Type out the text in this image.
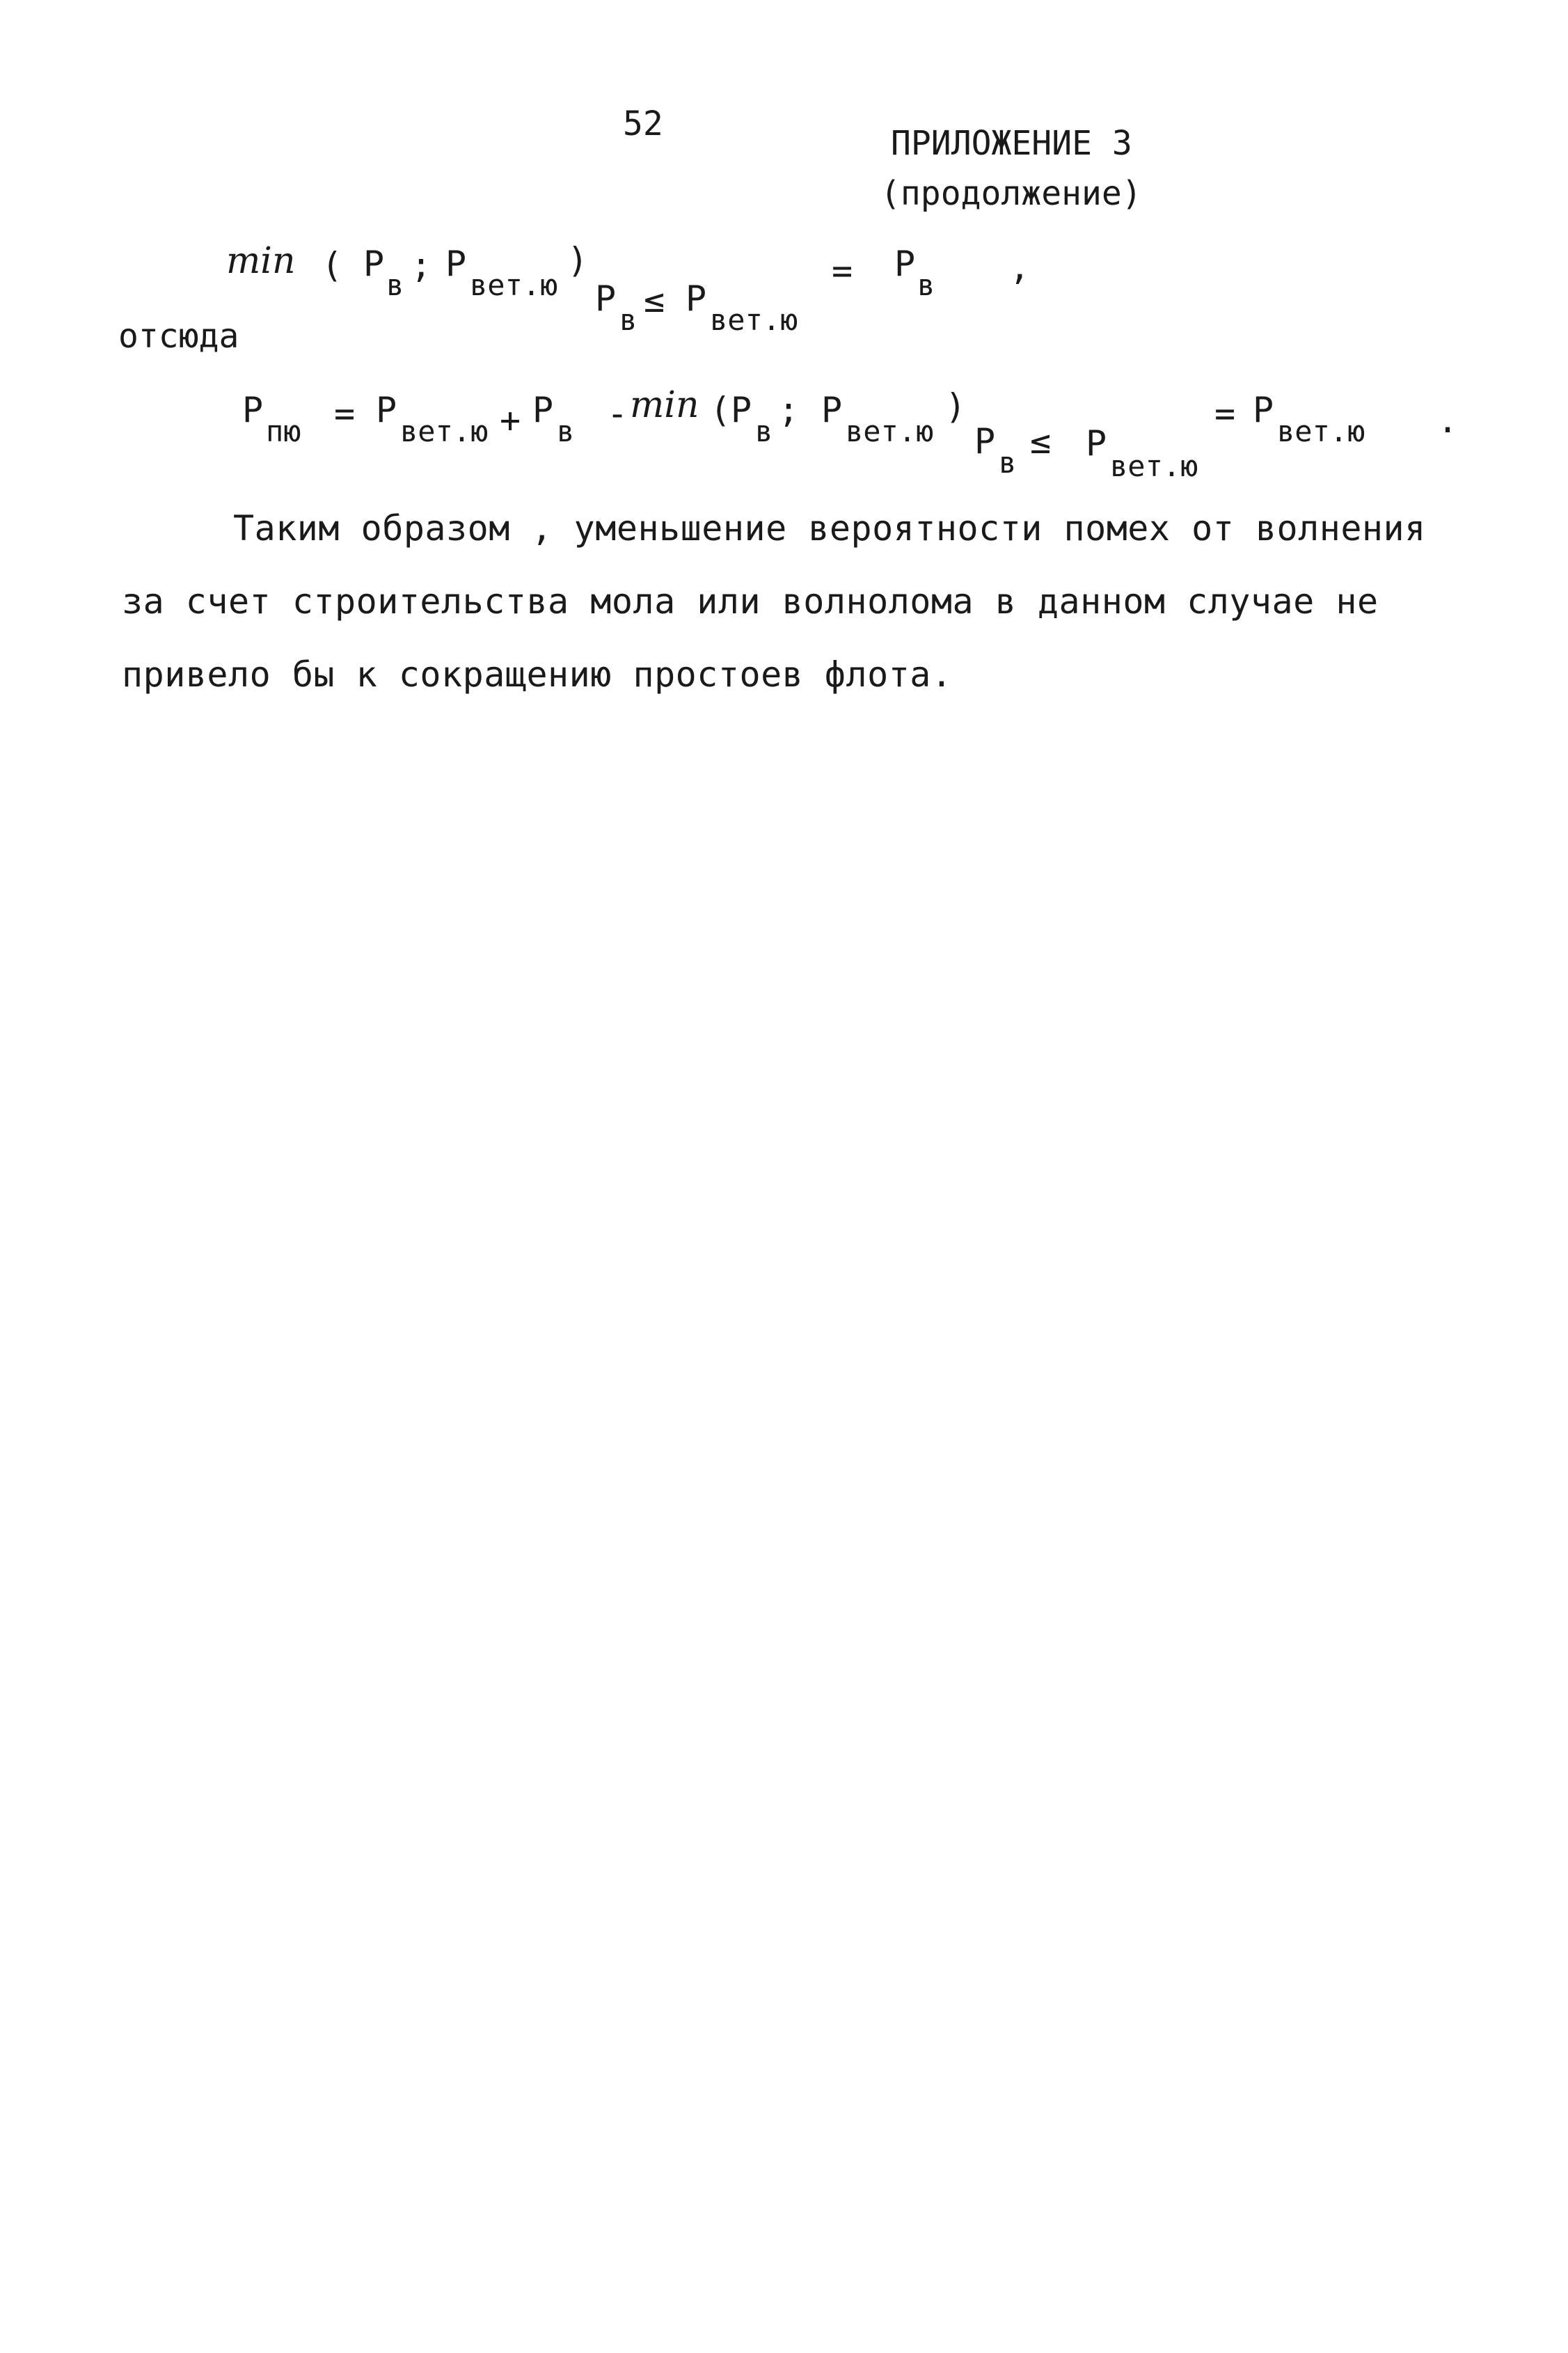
52	ПРИЛОЖЕНИЕ 3
(продолжение)
min ( P
в ; P
вет.ю
)
P
в ≤ P
вет.ю
= P
в ,
отсюда
P
пю = P
вет.ю + P
в - min ( P
в
; P
вет.ю
)
P
в
≤ P
вет.ю
= P
вет.ю .
Таким образом , уменьшение вероятности помех от волнения
за счет строительства мола или волнолома в данном случае не
привело бы к сокращению простоев флота.
